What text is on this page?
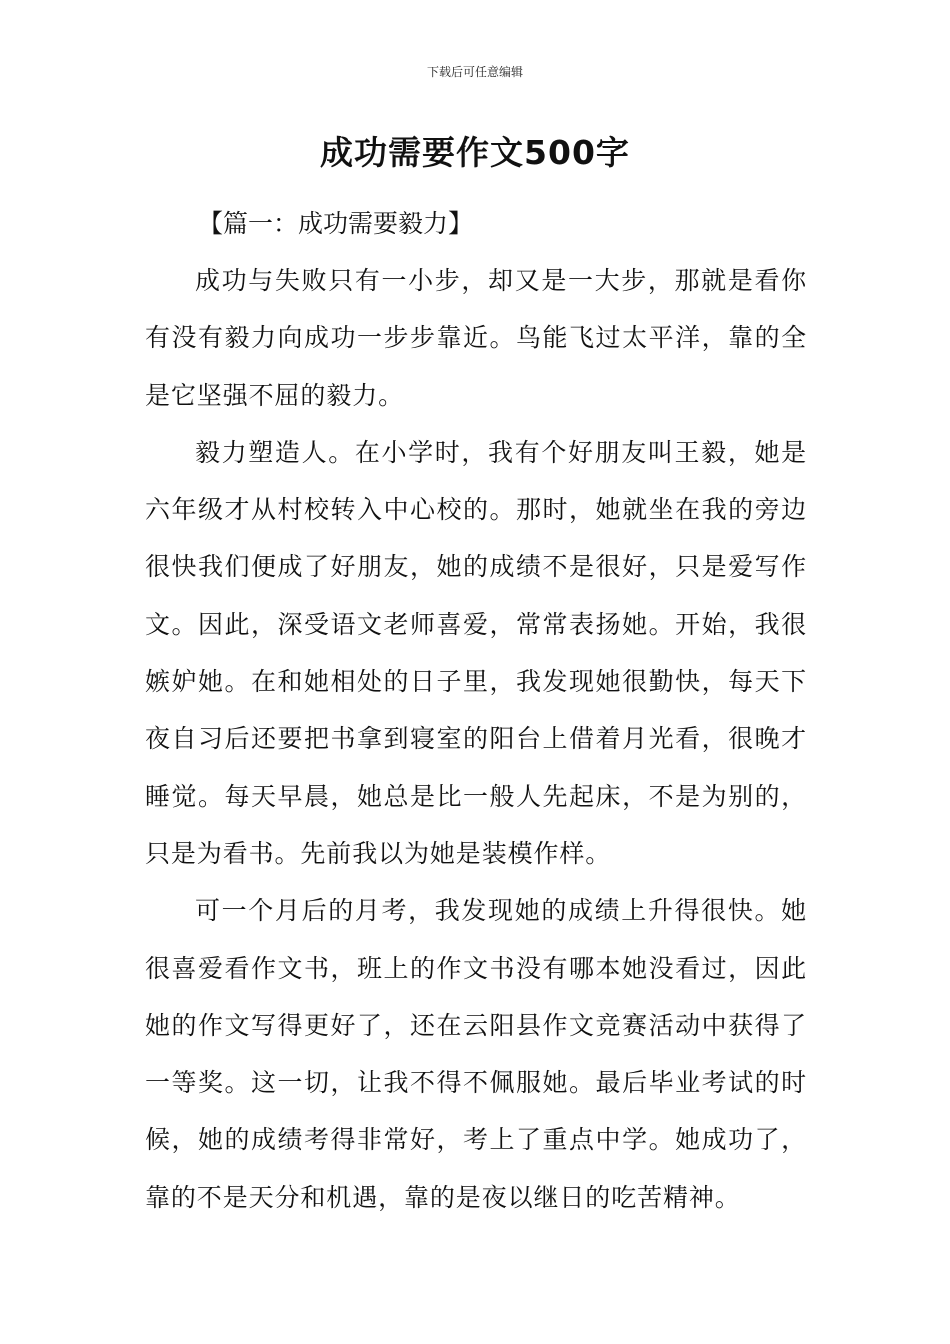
下载后可任意编辑
成功需要作文500字

【篇一：成功需要毅力】

成功与失败只有一小步，却又是一大步，那就是看你有没有毅力向成功一步步靠近。鸟能飞过太平洋，靠的全是它坚强不屈的毅力。

毅力塑造人。在小学时，我有个好朋友叫王毅，她是六年级才从村校转入中心校的。那时，她就坐在我的旁边很快我们便成了好朋友，她的成绩不是很好，只是爱写作文。因此，深受语文老师喜爱，常常表扬她。开始，我很嫉妒她。在和她相处的日子里，我发现她很勤快，每天下夜自习后还要把书拿到寝室的阳台上借着月光看，很晚才睡觉。每天早晨，她总是比一般人先起床，不是为别的，只是为看书。先前我以为她是装模作样。

可一个月后的月考，我发现她的成绩上升得很快。她很喜爱看作文书，班上的作文书没有哪本她没看过，因此她的作文写得更好了，还在云阳县作文竞赛活动中获得了一等奖。这一切，让我不得不佩服她。最后毕业考试的时候，她的成绩考得非常好，考上了重点中学。她成功了，靠的不是天分和机遇，靠的是夜以继日的吃苦精神。
